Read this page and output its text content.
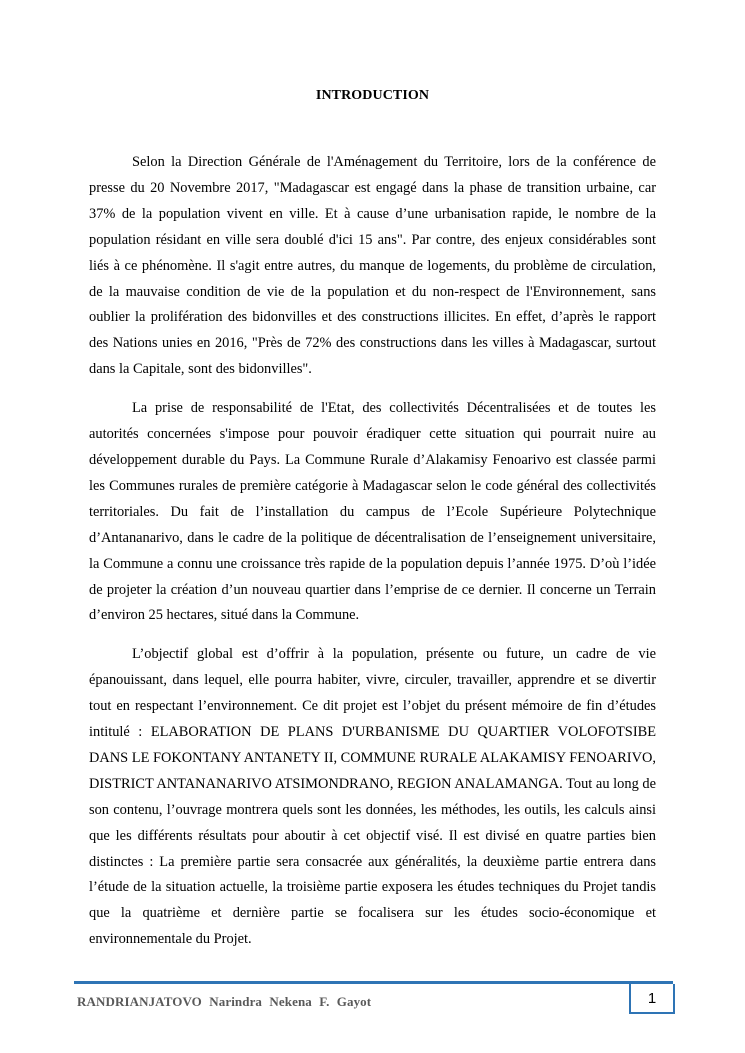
INTRODUCTION

Selon la Direction Générale de l'Aménagement du Territoire, lors de la conférence de presse du 20 Novembre 2017, "Madagascar est engagé dans la phase de transition urbaine, car 37% de la population vivent en ville. Et à cause d’une urbanisation rapide, le nombre de la population résidant en ville sera doublé d'ici 15 ans". Par contre, des enjeux considérables sont liés à ce phénomène. Il s'agit entre autres, du manque de logements, du problème de circulation, de la mauvaise condition de vie de la population et du non-respect de l'Environnement, sans oublier la prolifération des bidonvilles et des constructions illicites. En effet, d’après le rapport des Nations unies en 2016, "Près de 72% des constructions dans les villes à Madagascar, surtout dans la Capitale, sont des bidonvilles".

La prise de responsabilité de l'Etat, des collectivités Décentralisées et de toutes les autorités concernées s'impose pour pouvoir éradiquer cette situation qui pourrait nuire au développement durable du Pays. La Commune Rurale d’Alakamisy Fenoarivo est classée parmi les Communes rurales de première catégorie à Madagascar selon le code général des collectivités territoriales. Du fait de l’installation du campus de l’Ecole Supérieure Polytechnique d’Antananarivo, dans le cadre de la politique de décentralisation de l’enseignement universitaire, la Commune a connu une croissance très rapide de la population depuis l’année 1975. D’où l’idée de projeter la création d’un nouveau quartier dans l’emprise de ce dernier. Il concerne un Terrain d’environ 25 hectares, situé dans la Commune.

L’objectif global est d’offrir à la population, présente ou future, un cadre de vie épanouissant, dans lequel, elle pourra habiter, vivre, circuler, travailler, apprendre et se divertir tout en respectant l’environnement. Ce dit projet est l’objet du présent mémoire de fin d’études intitulé : ELABORATION DE PLANS D'URBANISME DU QUARTIER VOLOFOTSIBE DANS LE FOKONTANY ANTANETY II, COMMUNE RURALE ALAKAMISY FENOARIVO, DISTRICT ANTANANARIVO ATSIMONDRANO, REGION ANALAMANGA. Tout au long de son contenu, l’ouvrage montrera quels sont les données, les méthodes, les outils, les calculs ainsi que les différents résultats pour aboutir à cet objectif visé. Il est divisé en quatre parties bien distinctes : La première partie sera consacrée aux généralités, la deuxième partie entrera dans l’étude de la situation actuelle, la troisième partie exposera les études techniques du Projet tandis que la quatrième et dernière partie se focalisera sur les études socio-économique et environnementale du Projet.

RANDRIANJATOVO Narindra Nekena F. Gayot	1
